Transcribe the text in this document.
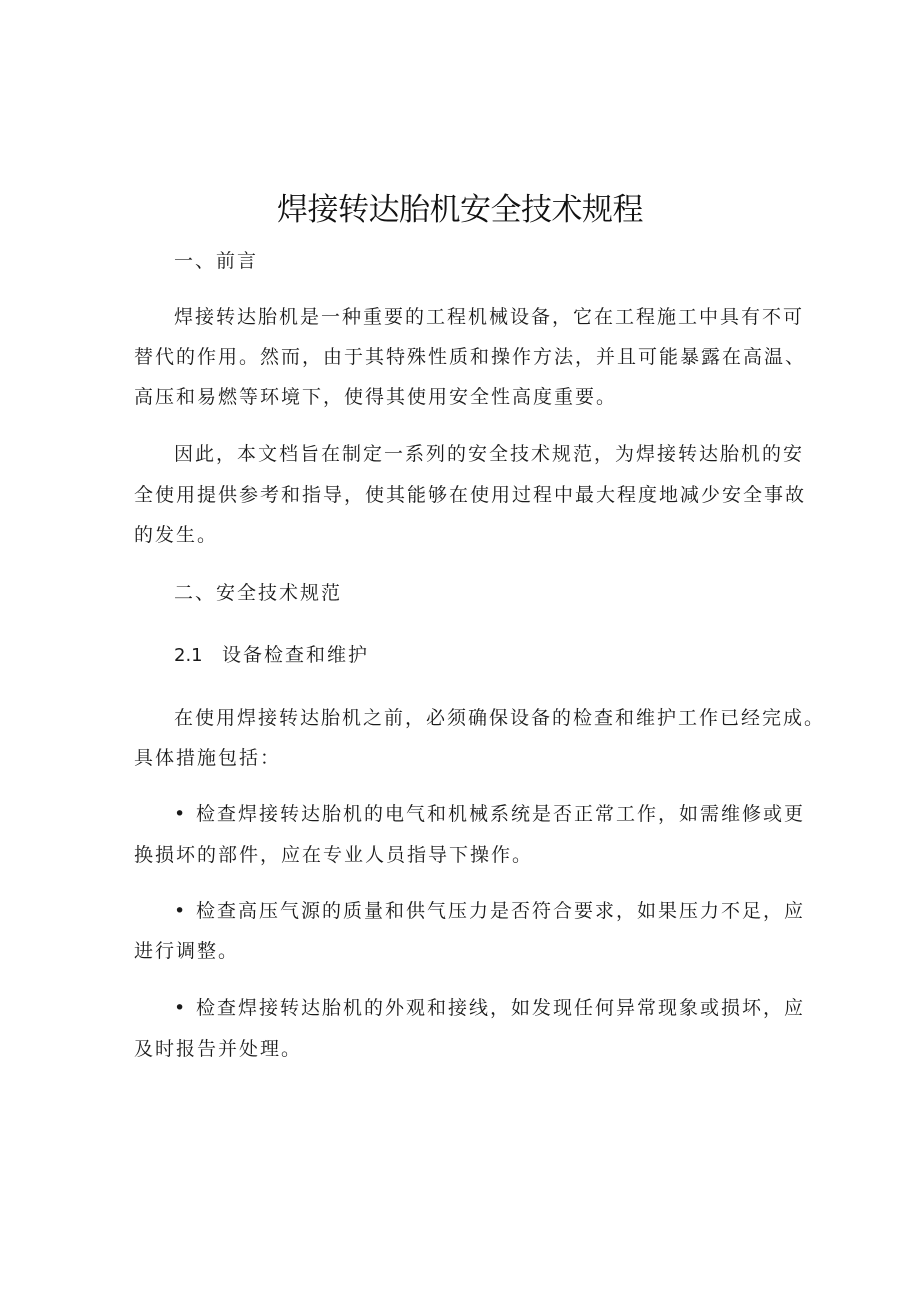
焊接转达胎机安全技术规程

一、前言

焊接转达胎机是一种重要的工程机械设备，它在工程施工中具有不可

替代的作用。然而，由于其特殊性质和操作方法，并且可能暴露在高温、

高压和易燃等环境下，使得其使用安全性高度重要。

因此，本文档旨在制定一系列的安全技术规范，为焊接转达胎机的安

全使用提供参考和指导，使其能够在使用过程中最大程度地减少安全事故

的发生。

二、安全技术规范

2.1 设备检查和维护

在使用焊接转达胎机之前，必须确保设备的检查和维护工作已经完成。

具体措施包括：

• 检查焊接转达胎机的电气和机械系统是否正常工作，如需维修或更

换损坏的部件，应在专业人员指导下操作。

• 检查高压气源的质量和供气压力是否符合要求，如果压力不足，应

进行调整。

• 检查焊接转达胎机的外观和接线，如发现任何异常现象或损坏，应

及时报告并处理。
